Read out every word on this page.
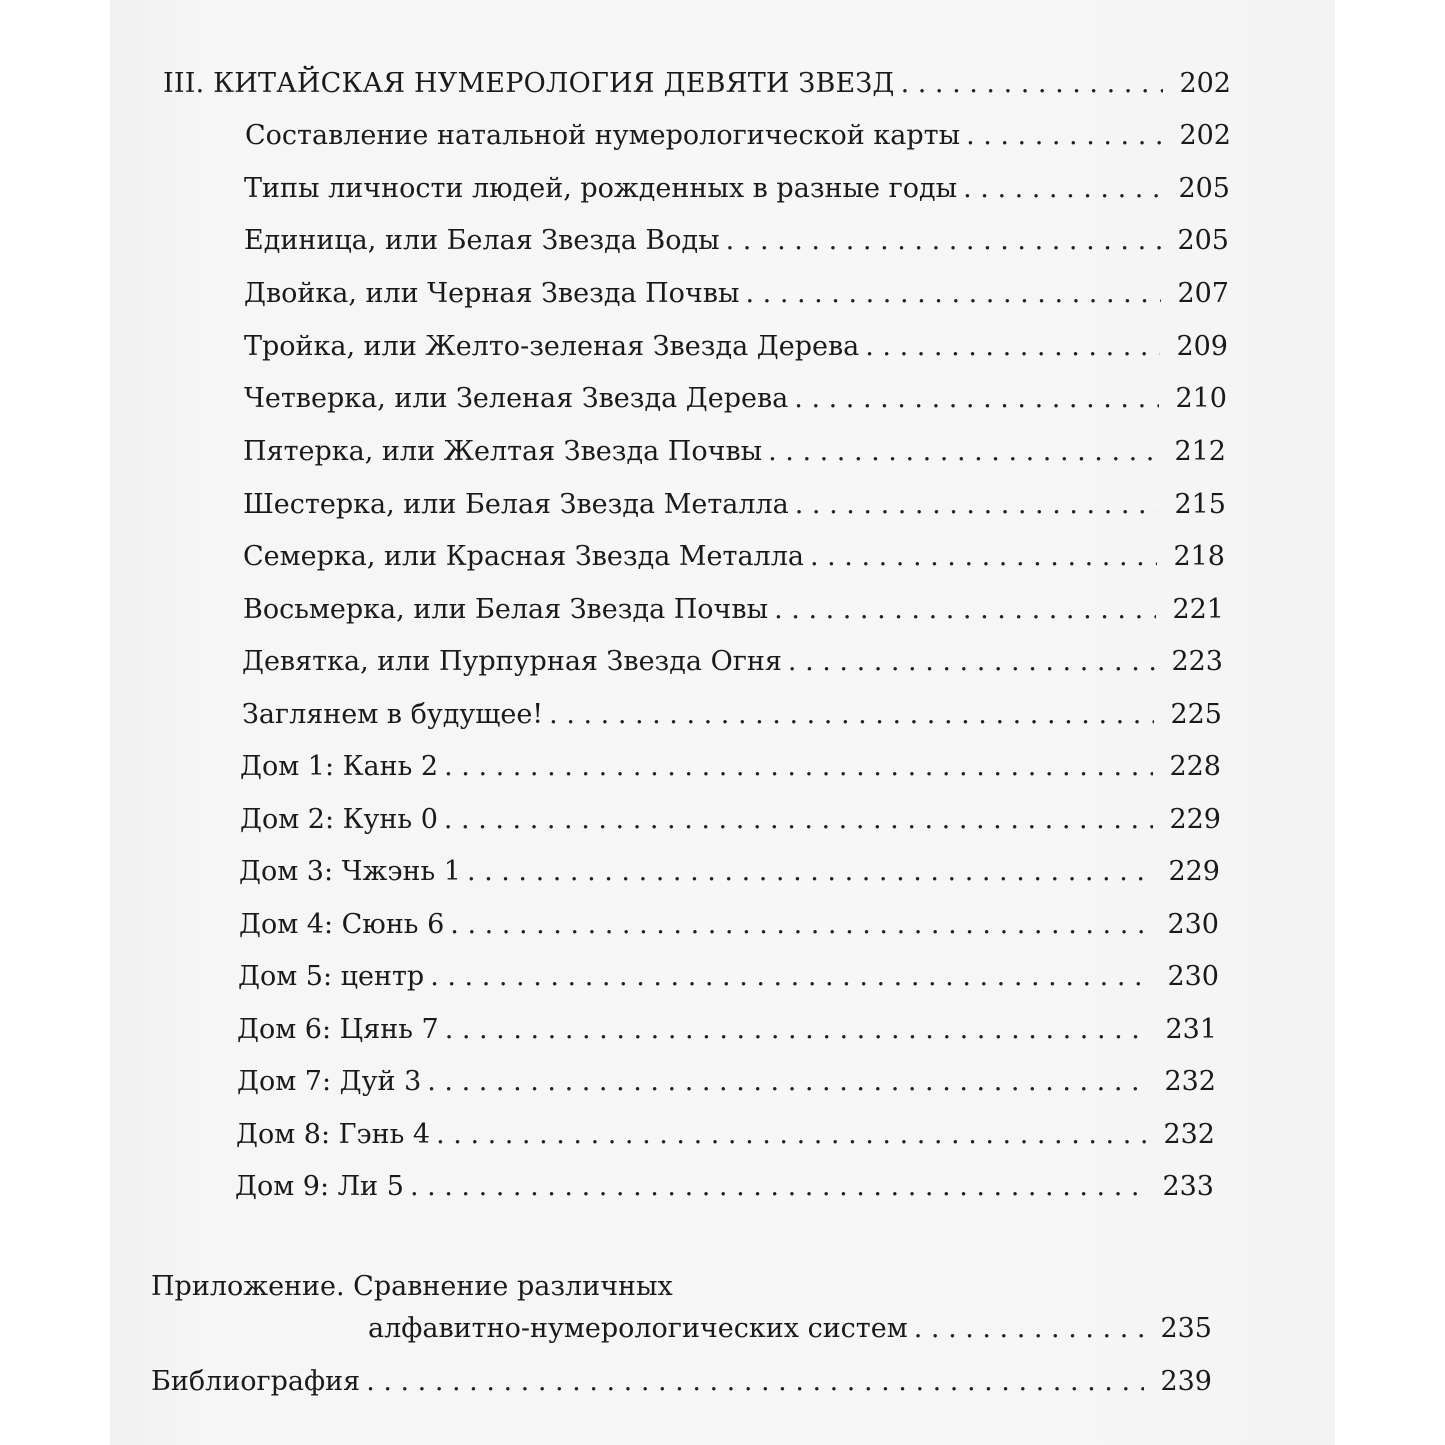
III. КИТАЙСКАЯ НУМЕРОЛОГИЯ ДЕВЯТИ ЗВЕЗД . . .	202
Составление натальной нумерологической карты . . .	202
Типы личности людей, рожденных в разные годы . . .	205
Единица, или Белая Звезда Воды . . .	205
Двойка, или Черная Звезда Почвы . . .	207
Тройка, или Желто-зеленая Звезда Дерева . . .	209
Четверка, или Зеленая Звезда Дерева . . .	210
Пятерка, или Желтая Звезда Почвы . . .	212
Шестерка, или Белая Звезда Металла . . .	215
Семерка, или Красная Звезда Металла . . .	218
Восьмерка, или Белая Звезда Почвы . . .	221
Девятка, или Пурпурная Звезда Огня . . .	223
Заглянем в будущее! . . .	225
Дом 1: Кань 2 . . .	228
Дом 2: Кунь 0 . . .	229
Дом 3: Чжэнь 1 . . .	229
Дом 4: Сюнь 6 . . .	230
Дом 5: центр . . .	230
Дом 6: Цянь 7 . . .	231
Дом 7: Дуй 3 . . .	232
Дом 8: Гэнь 4 . . .	232
Дом 9: Ли 5 . . .	233
Приложение. Сравнение различных
алфавитно-нумерологических систем . . .	235
Библиография . . .	239
